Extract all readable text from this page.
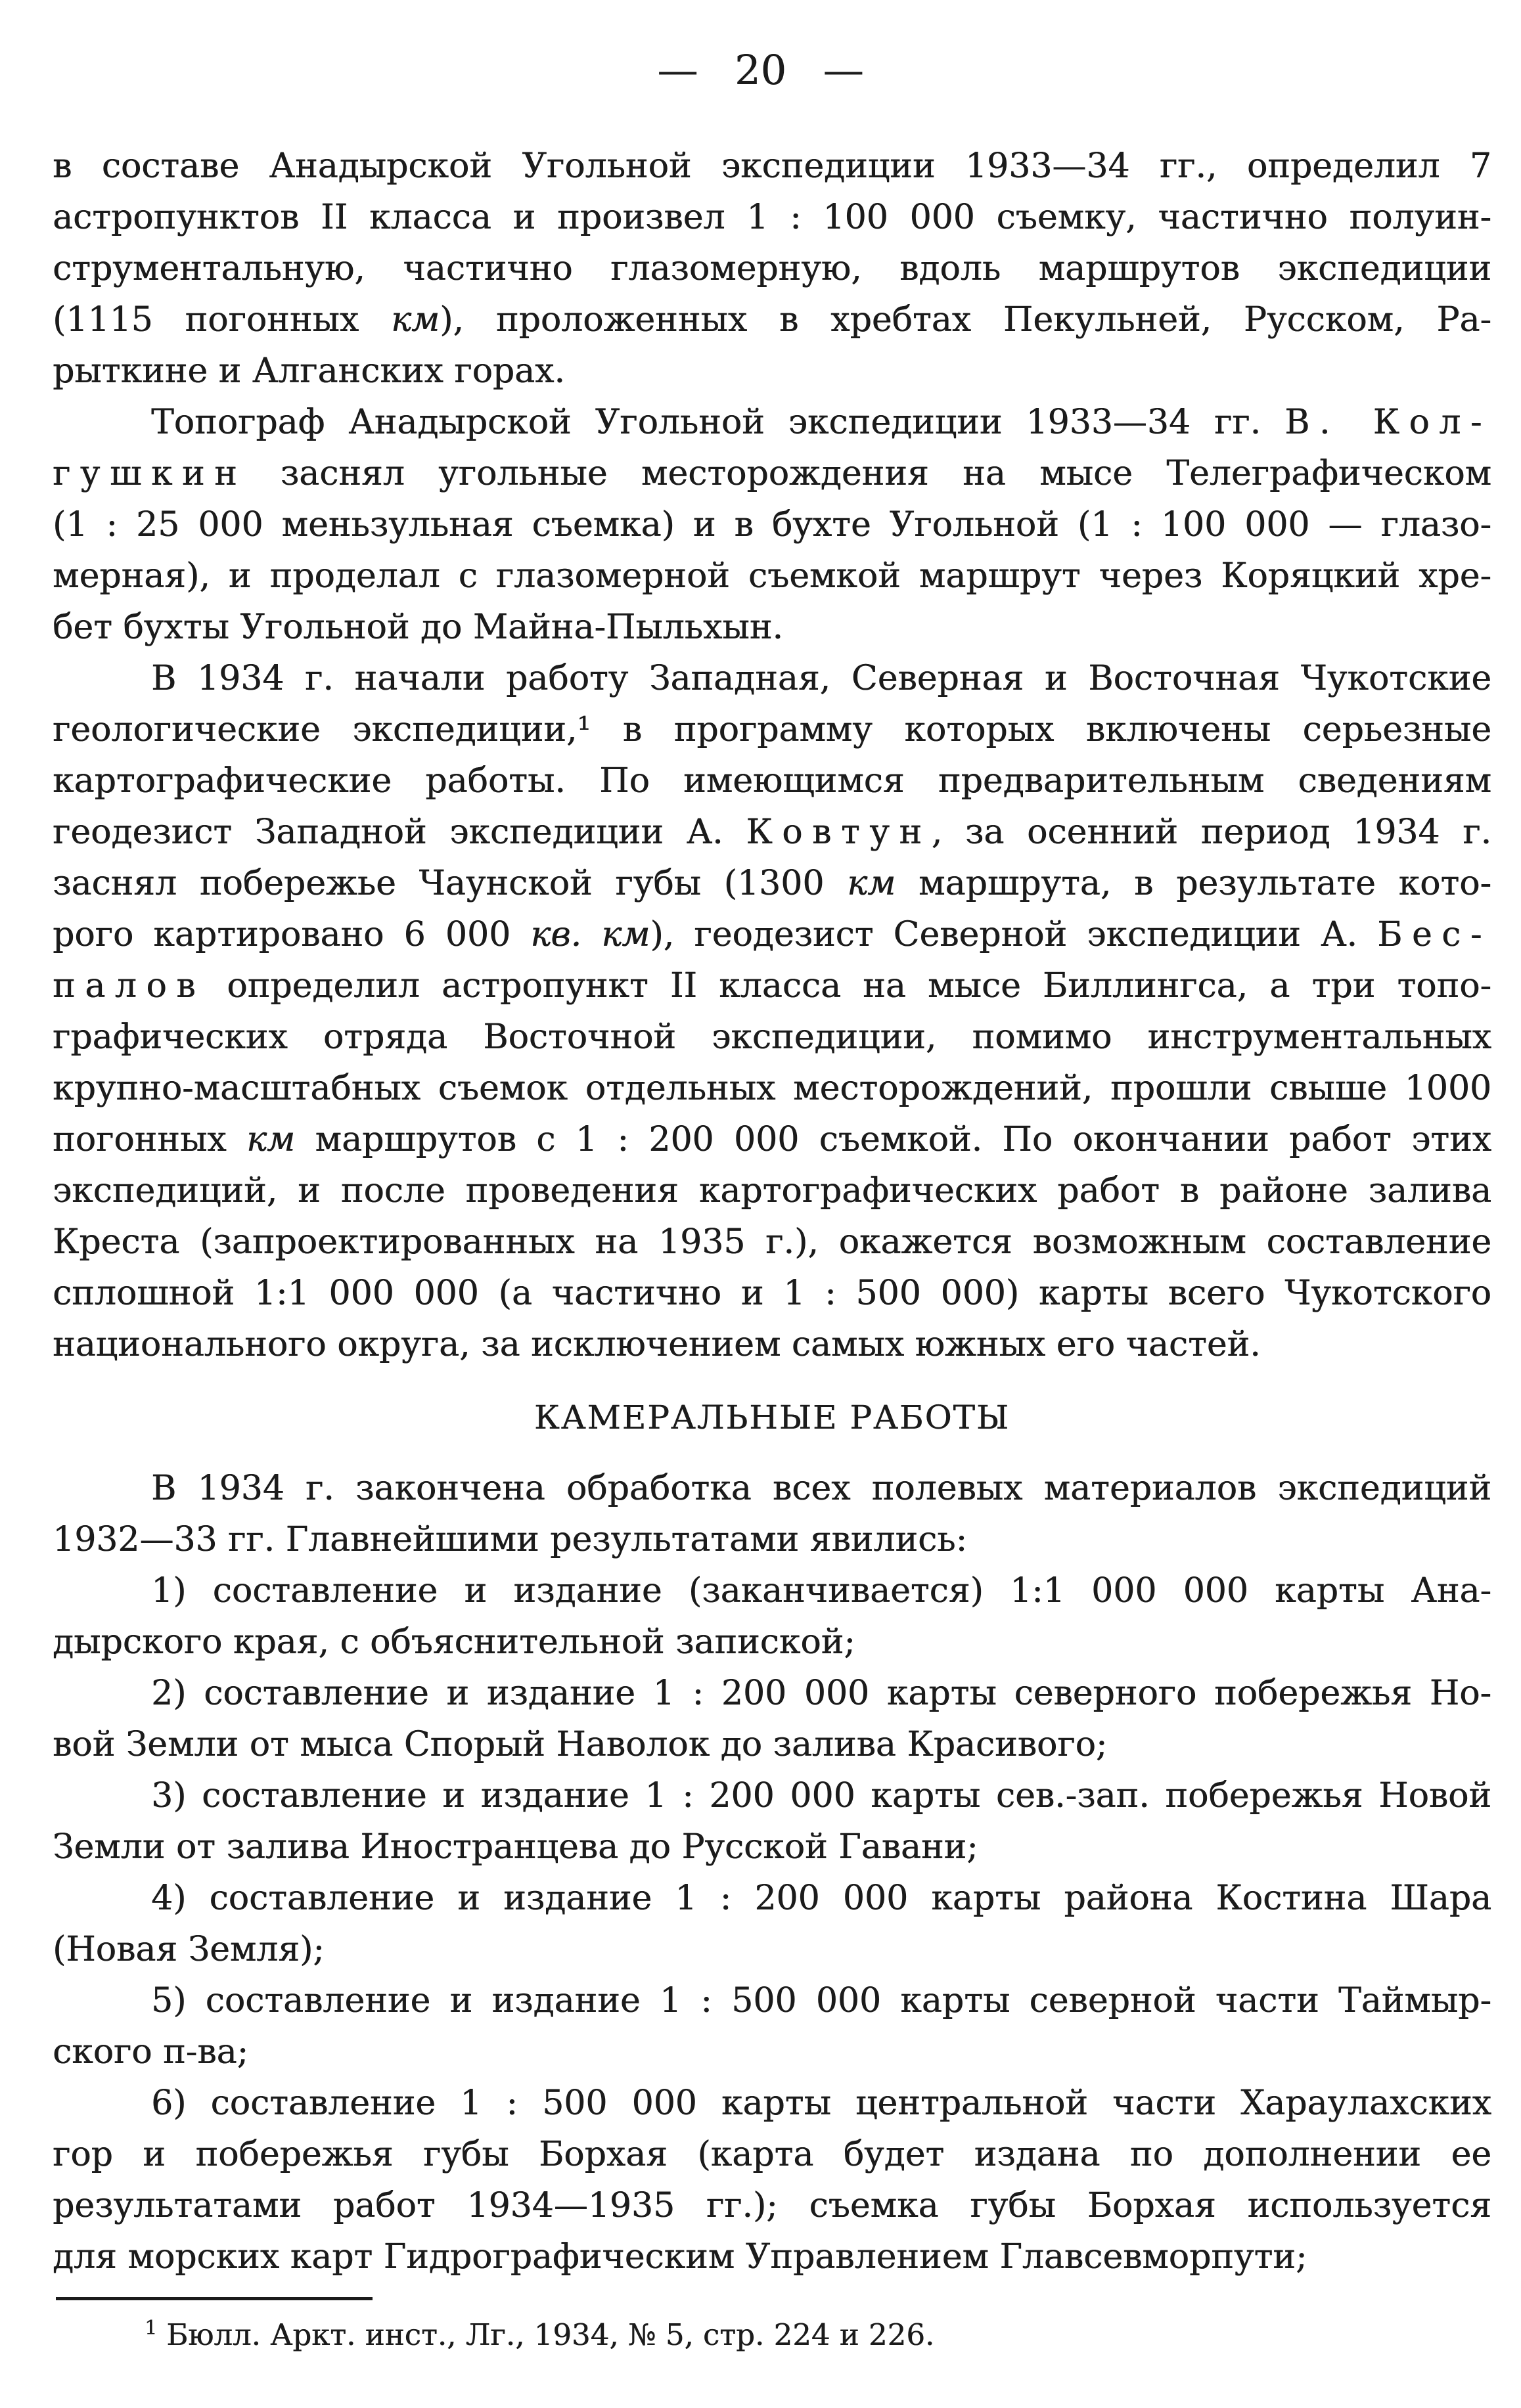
— 20 —
в составе Анадырской Угольной экспедиции 1933—34 гг., определил 7
астропунктов II класса и произвел 1 : 100 000 съемку, частично полуин-
струментальную, частично глазомерную, вдоль маршрутов экспедиции
(1115 погонных км), проложенных в хребтах Пекульней, Русском, Ра-
рыткине и Алганских горах.
Топограф Анадырской Угольной экспедиции 1933—34 гг. В. Кол-
гушкин заснял угольные месторождения на мысе Телеграфическом
(1 : 25 000 меньзульная съемка) и в бухте Угольной (1 : 100 000 — глазо-
мерная), и проделал с глазомерной съемкой маршрут через Коряцкий хре-
бет бухты Угольной до Майна-Пыльхын.
В 1934 г. начали работу Западная, Северная и Восточная Чукотские
геологические экспедиции,¹ в программу которых включены серьезные
картографические работы. По имеющимся предварительным сведениям
геодезист Западной экспедиции А. Ковтун, за осенний период 1934 г.
заснял побережье Чаунской губы (1300 км маршрута, в результате кото-
рого картировано 6 000 кв. км), геодезист Северной экспедиции А. Бес-
палов определил астропункт II класса на мысе Биллингса, а три топо-
графических отряда Восточной экспедиции, помимо инструментальных
крупно-масштабных съемок отдельных месторождений, прошли свыше 1000
погонных км маршрутов с 1 : 200 000 съемкой. По окончании работ этих
экспедиций, и после проведения картографических работ в районе залива
Креста (запроектированных на 1935 г.), окажется возможным составление
сплошной 1:1 000 000 (а частично и 1 : 500 000) карты всего Чукотского
национального округа, за исключением самых южных его частей.
КАМЕРАЛЬНЫЕ РАБОТЫ
В 1934 г. закончена обработка всех полевых материалов экспедиций
1932—33 гг. Главнейшими результатами явились:
1) составление и издание (заканчивается) 1:1 000 000 карты Ана-
дырского края, с объяснительной запиской;
2) составление и издание 1 : 200 000 карты северного побережья Но-
вой Земли от мыса Спорый Наволок до залива Красивого;
3) составление и издание 1 : 200 000 карты сев.-зап. побережья Новой
Земли от залива Иностранцева до Русской Гавани;
4) составление и издание 1 : 200 000 карты района Костина Шара
(Новая Земля);
5) составление и издание 1 : 500 000 карты северной части Таймыр-
ского п-ва;
6) составление 1 : 500 000 карты центральной части Хараулахских
гор и побережья губы Борхая (карта будет издана по дополнении ее
результатами работ 1934—1935 гг.); съемка губы Борхая используется
для морских карт Гидрографическим Управлением Главсевморпути;
$^1$ Бюлл. Аркт. инст., Лг., 1934, № 5, стр. 224 и 226.
